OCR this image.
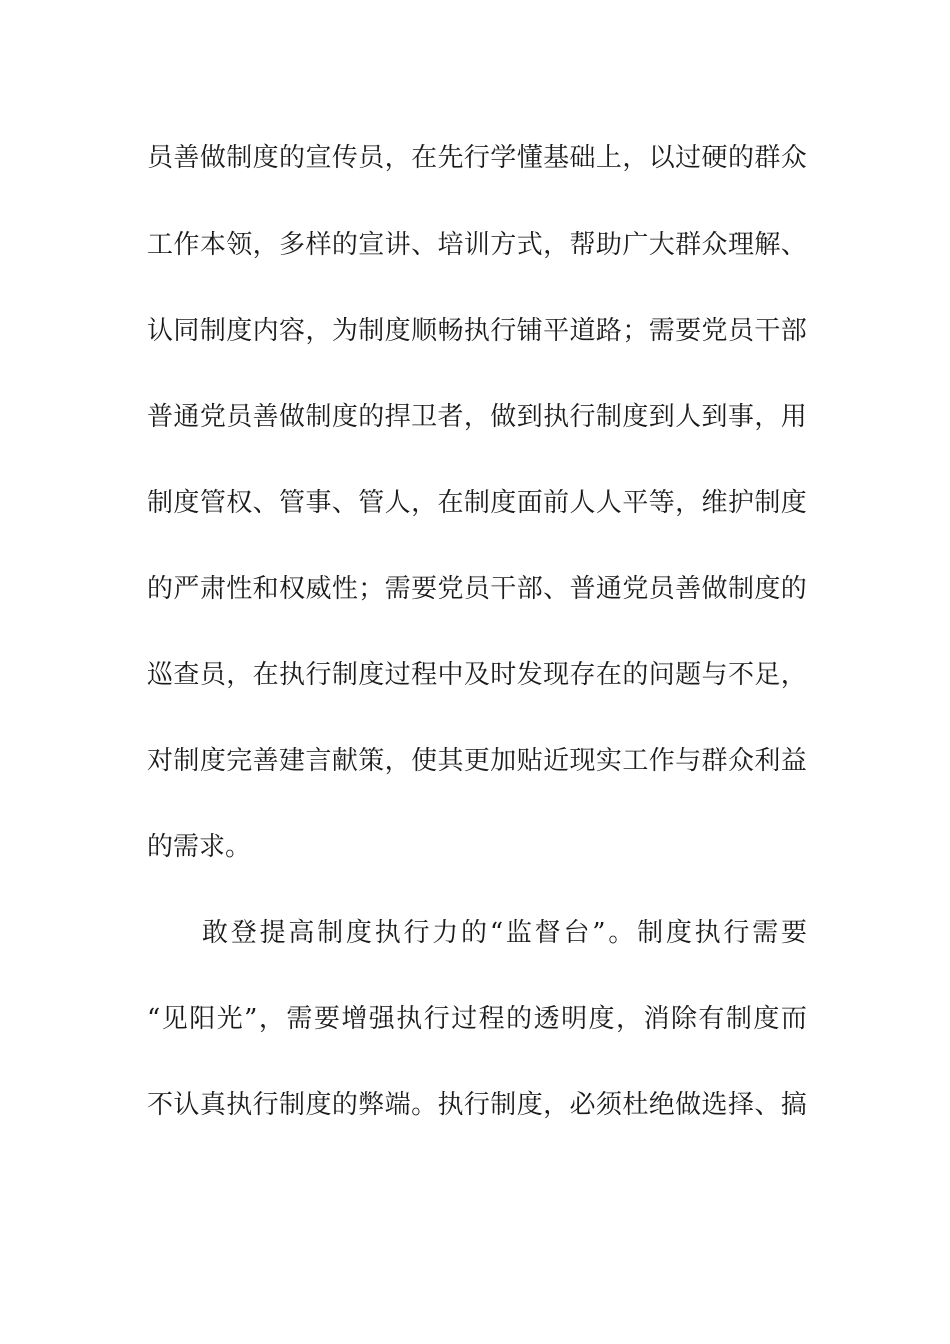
员 善 做 制 度 的 宣 传 员 ， 在 先 行 学 懂 基 础 上 ， 以 过 硬 的 群 众
工 作 本 领 ， 多 样 的 宣 讲 、 培 训 方 式 ， 帮 助 广 大 群 众 理 解 、
认 同 制 度 内 容 ， 为 制 度 顺 畅 执 行 铺 平 道 路 ； 需 要 党 员 干 部
普 通 党 员 善 做 制 度 的 捍 卫 者 ， 做 到 执 行 制 度 到 人 到 事 ， 用
制 度 管 权 、 管 事 、 管 人 ， 在 制 度 面 前 人 人 平 等 ， 维 护 制 度
的 严 肃 性 和 权 威 性 ； 需 要 党 员 干 部 、 普 通 党 员 善 做 制 度 的
巡 查 员 ， 在 执 行 制 度 过 程 中 及 时 发 现 存 在 的 问 题 与 不 足 ，
对 制 度 完 善 建 言 献 策 ， 使 其 更 加 贴 近 现 实 工 作 与 群 众 利 益
的需求。
敢 登 提 高 制 度 执 行 力 的 “ 监 督 台 ” 。 制 度 执 行 需 要
“ 见 阳 光 ” ， 需 要 增 强 执 行 过 程 的 透 明 度 ， 消 除 有 制 度 而
不 认 真 执 行 制 度 的 弊 端 。 执 行 制 度 ， 必 须 杜 绝 做 选 择 、 搞
